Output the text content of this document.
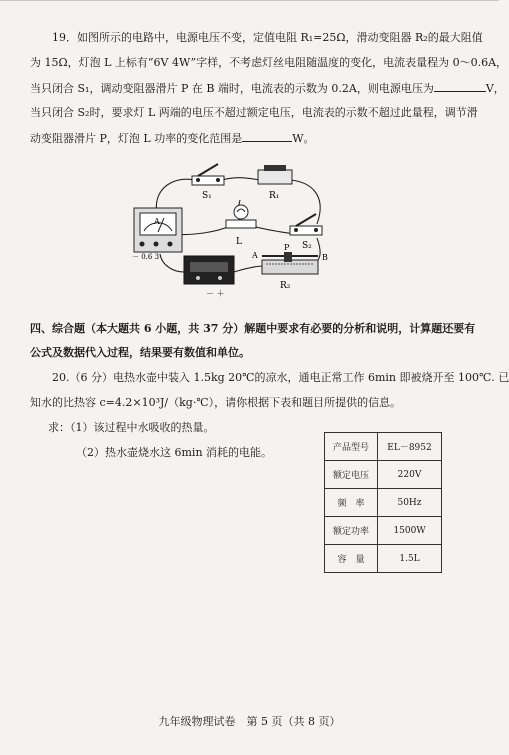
19．如图所示的电路中，电源电压不变，定值电阻 R₁=25Ω，滑动变阻器 R₂的最大阻值
为 15Ω，灯泡 L 上标有“6V 4W”字样，不考虑灯丝电阻随温度的变化，电流表量程为 0～0.6A，
当只闭合 S₁，调动变阻器滑片 P 在 B 端时，电流表的示数为 0.2A，则电源电压为	V，
当只闭合 S₂时，要求灯 L 两端的电压不超过额定电压，电流表的示数不超过此量程，调节滑
动变阻器滑片 P，灯泡 L 功率的变化范围是	W。
S₁	R₁
A
－ 0.6 3
L	S₂
－ ＋
A
P
B
R₂
四、综合题（本大题共 6 小题，共 37 分）解题中要求有必要的分析和说明，计算题还要有
公式及数据代入过程，结果要有数值和单位。
20.（6 分）电热水壶中装入 1.5kg 20℃的凉水，通电正常工作 6min 即被烧开至 100℃. 已
知水的比热容 c=4.2×10³J/（kg·℃），请你根据下表和题目所提供的信息。
求：（1）该过程中水吸收的热量。
（2）热水壶烧水这 6min 消耗的电能。	产品型号	EL－8952
额定电压	220V
频　率	50Hz
额定功率	1500W
容　量	1.5L
九年级物理试卷　第 5 页（共 8 页）
